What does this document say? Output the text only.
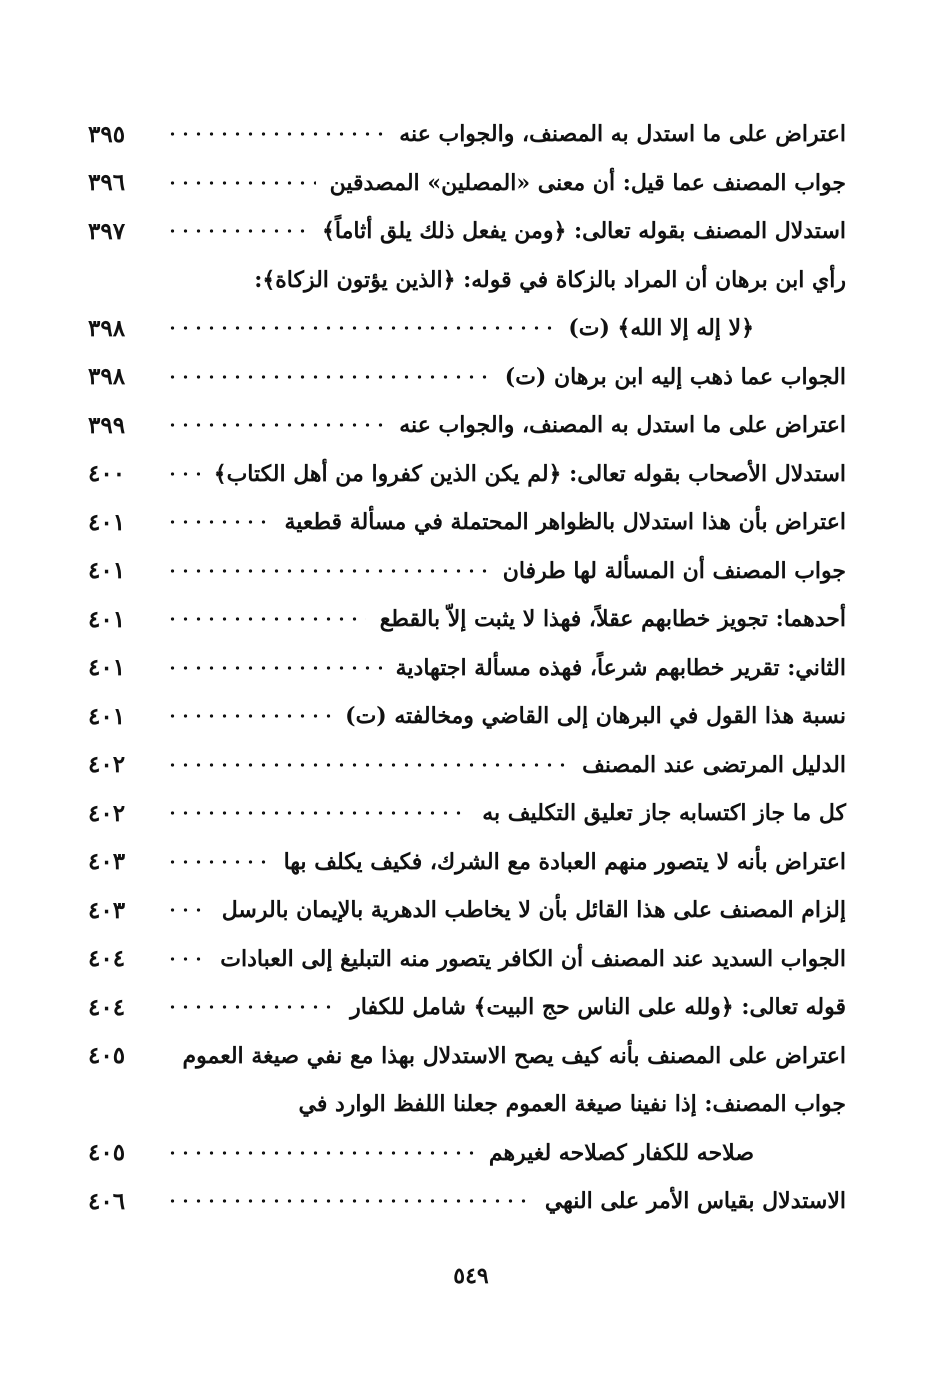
اعتراض على ما استدل به المصنف، والجواب عنه
٣٩٥
جواب المصنف عما قيل: أن معنى «المصلين» المصدقين
٣٩٦
استدلال المصنف بقوله تعالى: ﴿ومن يفعل ذلك يلق أثاماً﴾
٣٩٧
رأي ابن برهان أن المراد بالزكاة في قوله: ﴿الذين يؤتون الزكاة﴾:
﴿لا إله إلا الله﴾ (ت)
٣٩٨
الجواب عما ذهب إليه ابن برهان (ت)
٣٩٨
اعتراض على ما استدل به المصنف، والجواب عنه
٣٩٩
استدلال الأصحاب بقوله تعالى: ﴿لم يكن الذين كفروا من أهل الكتاب﴾
٤٠٠
اعتراض بأن هذا استدلال بالظواهر المحتملة في مسألة قطعية
٤٠١
جواب المصنف أن المسألة لها طرفان
٤٠١
أحدهما: تجويز خطابهم عقلاً، فهذا لا يثبت إلاّ بالقطع
٤٠١
الثاني: تقرير خطابهم شرعاً، فهذه مسألة اجتهادية
٤٠١
نسبة هذا القول في البرهان إلى القاضي ومخالفته (ت)
٤٠١
الدليل المرتضى عند المصنف
٤٠٢
كل ما جاز اكتسابه جاز تعليق التكليف به
٤٠٢
اعتراض بأنه لا يتصور منهم العبادة مع الشرك، فكيف يكلف بها
٤٠٣
إلزام المصنف على هذا القائل بأن لا يخاطب الدهرية بالإيمان بالرسل
٤٠٣
الجواب السديد عند المصنف أن الكافر يتصور منه التبليغ إلى العبادات
٤٠٤
قوله تعالى: ﴿ولله على الناس حج البيت﴾ شامل للكفار
٤٠٤
اعتراض على المصنف بأنه كيف يصح الاستدلال بهذا مع نفي صيغة العموم
٤٠٥
جواب المصنف: إذا نفينا صيغة العموم جعلنا اللفظ الوارد في
صلاحه للكفار كصلاحه لغيرهم
٤٠٥
الاستدلال بقياس الأمر على النهي
٤٠٦
٥٤٩
